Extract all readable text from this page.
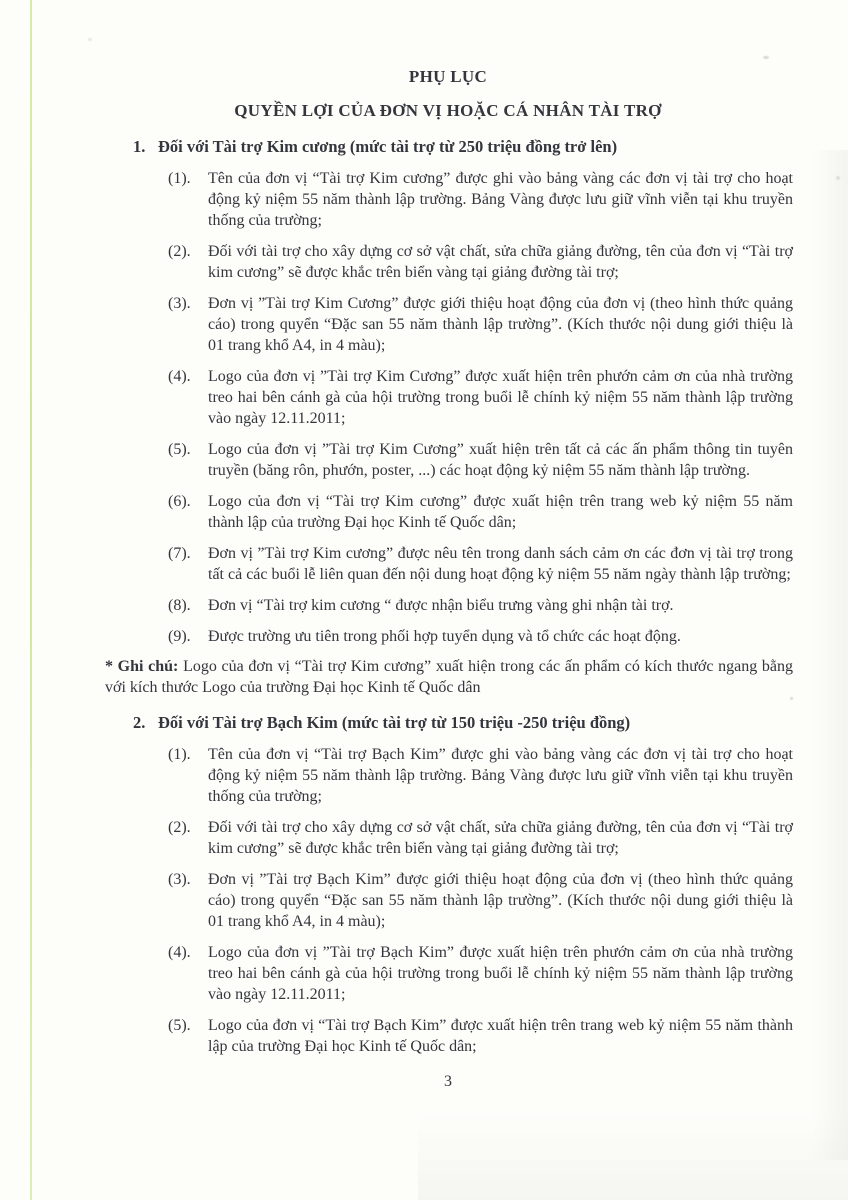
PHỤ LỤC
QUYỀN LỢI CỦA ĐƠN VỊ HOẶC CÁ NHÂN TÀI TRỢ
1. Đối với Tài trợ Kim cương (mức tài trợ từ 250 triệu đồng trở lên)
(1).	Tên của đơn vị “Tài trợ Kim cương” được ghi vào bảng vàng các đơn vị tài trợ cho hoạt động kỷ niệm 55 năm thành lập trường. Bảng Vàng được lưu giữ vĩnh viễn tại khu truyền thống của trường;
(2).	Đối với tài trợ cho xây dựng cơ sở vật chất, sửa chữa giảng đường, tên của đơn vị “Tài trợ kim cương” sẽ được khắc trên biển vàng tại giảng đường tài trợ;
(3).	Đơn vị ”Tài trợ Kim Cương” được giới thiệu hoạt động của đơn vị (theo hình thức quảng cáo) trong quyển “Đặc san 55 năm thành lập trường”. (Kích thước nội dung giới thiệu là 01 trang khổ A4, in 4 màu);
(4).	Logo của đơn vị ”Tài trợ Kim Cương” được xuất hiện trên phướn cảm ơn của nhà trường treo hai bên cánh gà của hội trường trong buổi lễ chính kỷ niệm 55 năm thành lập trường vào ngày 12.11.2011;
(5).	Logo của đơn vị ”Tài trợ Kim Cương” xuất hiện trên tất cả các ấn phẩm thông tin tuyên truyền (băng rôn, phướn, poster, ...) các hoạt động kỷ niệm 55 năm thành lập trường.
(6).	Logo của đơn vị “Tài trợ Kim cương” được xuất hiện trên trang web kỷ niệm 55 năm thành lập của trường Đại học Kinh tế Quốc dân;
(7).	Đơn vị ”Tài trợ Kim cương” được nêu tên trong danh sách cảm ơn các đơn vị tài trợ trong tất cả các buổi lễ liên quan đến nội dung hoạt động kỷ niệm 55 năm ngày thành lập trường;
(8).	Đơn vị “Tài trợ kim cương “ được nhận biểu trưng vàng ghi nhận tài trợ.
(9).	Được trường ưu tiên trong phối hợp tuyển dụng và tổ chức các hoạt động.
* Ghi chú: Logo của đơn vị “Tài trợ Kim cương” xuất hiện trong các ấn phẩm có kích thước ngang bằng với kích thước Logo của trường Đại học Kinh tế Quốc dân
2. Đối với Tài trợ Bạch Kim (mức tài trợ từ 150 triệu -250 triệu đồng)
(1).	Tên của đơn vị “Tài trợ Bạch Kim” được ghi vào bảng vàng các đơn vị tài trợ cho hoạt động kỷ niệm 55 năm thành lập trường. Bảng Vàng được lưu giữ vĩnh viễn tại khu truyền thống của trường;
(2).	Đối với tài trợ cho xây dựng cơ sở vật chất, sửa chữa giảng đường, tên của đơn vị “Tài trợ kim cương” sẽ được khắc trên biển vàng tại giảng đường tài trợ;
(3).	Đơn vị ”Tài trợ Bạch Kim” được giới thiệu hoạt động của đơn vị (theo hình thức quảng cáo) trong quyển “Đặc san 55 năm thành lập trường”. (Kích thước nội dung giới thiệu là 01 trang khổ A4, in 4 màu);
(4).	Logo của đơn vị ”Tài trợ Bạch Kim” được xuất hiện trên phướn cảm ơn của nhà trường treo hai bên cánh gà của hội trường trong buổi lễ chính kỷ niệm 55 năm thành lập trường vào ngày 12.11.2011;
(5).	Logo của đơn vị “Tài trợ Bạch Kim” được xuất hiện trên trang web kỷ niệm 55 năm thành lập của trường Đại học Kinh tế Quốc dân;
3
